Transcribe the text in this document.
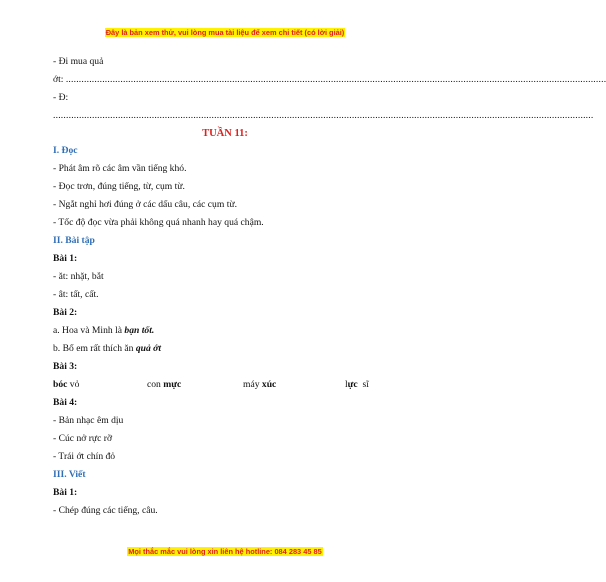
Đây là bản xem thử, vui lòng mua tài liệu để xem chi tiết (có lời giải)
- Đi mua quả
ớt: ................................................................................................................................................................................................................
- Đ:
................................................................................................................................................................................................................
TUẦN 11:
I. Đọc
- Phát âm rõ các âm vần tiếng khó.
- Đọc trơn, đúng tiếng, từ, cụm từ.
- Ngắt nghỉ hơi đúng ở các dấu câu, các cụm từ.
- Tốc độ đọc vừa phải không quá nhanh hay quá chậm.
II. Bài tập
Bài 1:
- ăt: nhặt, bắt
- ât: tất, cất.
Bài 2:
a. Hoa và Minh là bạn tốt.
b. Bố em rất thích ăn quả ớt
Bài 3:
bóc vỏ	con mực	máy xúc	lực  sĩ
Bài 4:
- Bản nhạc êm dịu
- Cúc nở rực rỡ
- Trái ớt chín đỏ
III. Viết
Bài 1:
- Chép đúng các tiếng, câu.
Mọi thắc mắc vui lòng xin liên hệ hotline: 084 283 45 85
